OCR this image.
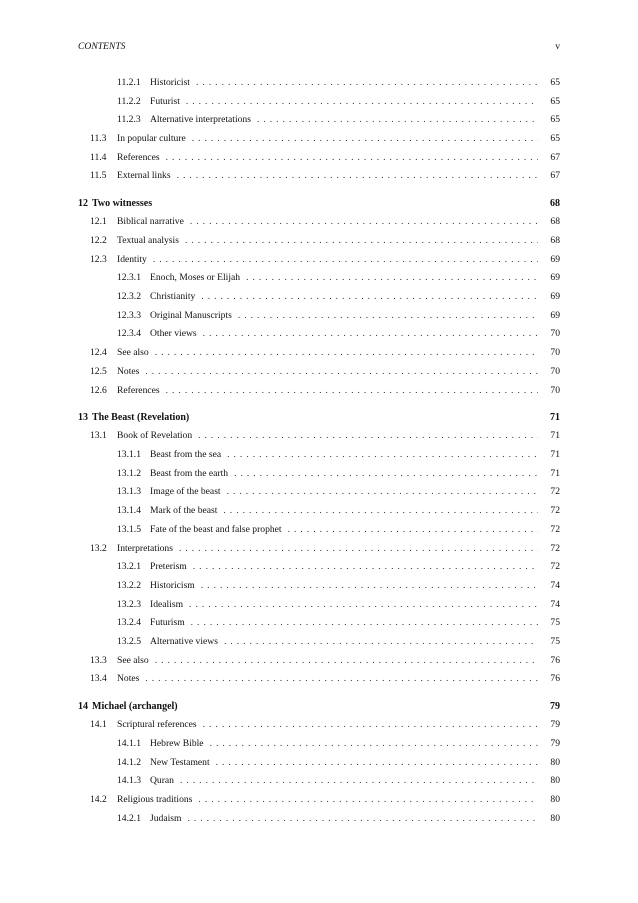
CONTENTS	v
11.2.1 Historicist . . .	65
11.2.2 Futurist . . .	65
11.2.3 Alternative interpretations . . .	65
11.3	In popular culture . . .	65
11.4	References . . .	67
11.5	External links . . .	67
12 Two witnesses	68
12.1	Biblical narrative . . .	68
12.2	Textual analysis . . .	68
12.3	Identity . . .	69
12.3.1 Enoch, Moses or Elijah . . .	69
12.3.2 Christianity . . .	69
12.3.3 Original Manuscripts . . .	69
12.3.4 Other views . . .	70
12.4	See also . . .	70
12.5	Notes . . .	70
12.6	References . . .	70
13 The Beast (Revelation)	71
13.1	Book of Revelation . . .	71
13.1.1 Beast from the sea . . .	71
13.1.2 Beast from the earth . . .	71
13.1.3 Image of the beast . . .	72
13.1.4 Mark of the beast . . .	72
13.1.5 Fate of the beast and false prophet . . .	72
13.2	Interpretations . . .	72
13.2.1 Preterism . . .	72
13.2.2 Historicism . . .	74
13.2.3 Idealism . . .	74
13.2.4 Futurism . . .	75
13.2.5 Alternative views . . .	75
13.3	See also . . .	76
13.4	Notes . . .	76
14 Michael (archangel)	79
14.1	Scriptural references . . .	79
14.1.1 Hebrew Bible . . .	79
14.1.2 New Testament . . .	80
14.1.3 Quran . . .	80
14.2	Religious traditions . . .	80
14.2.1 Judaism . . .	80
